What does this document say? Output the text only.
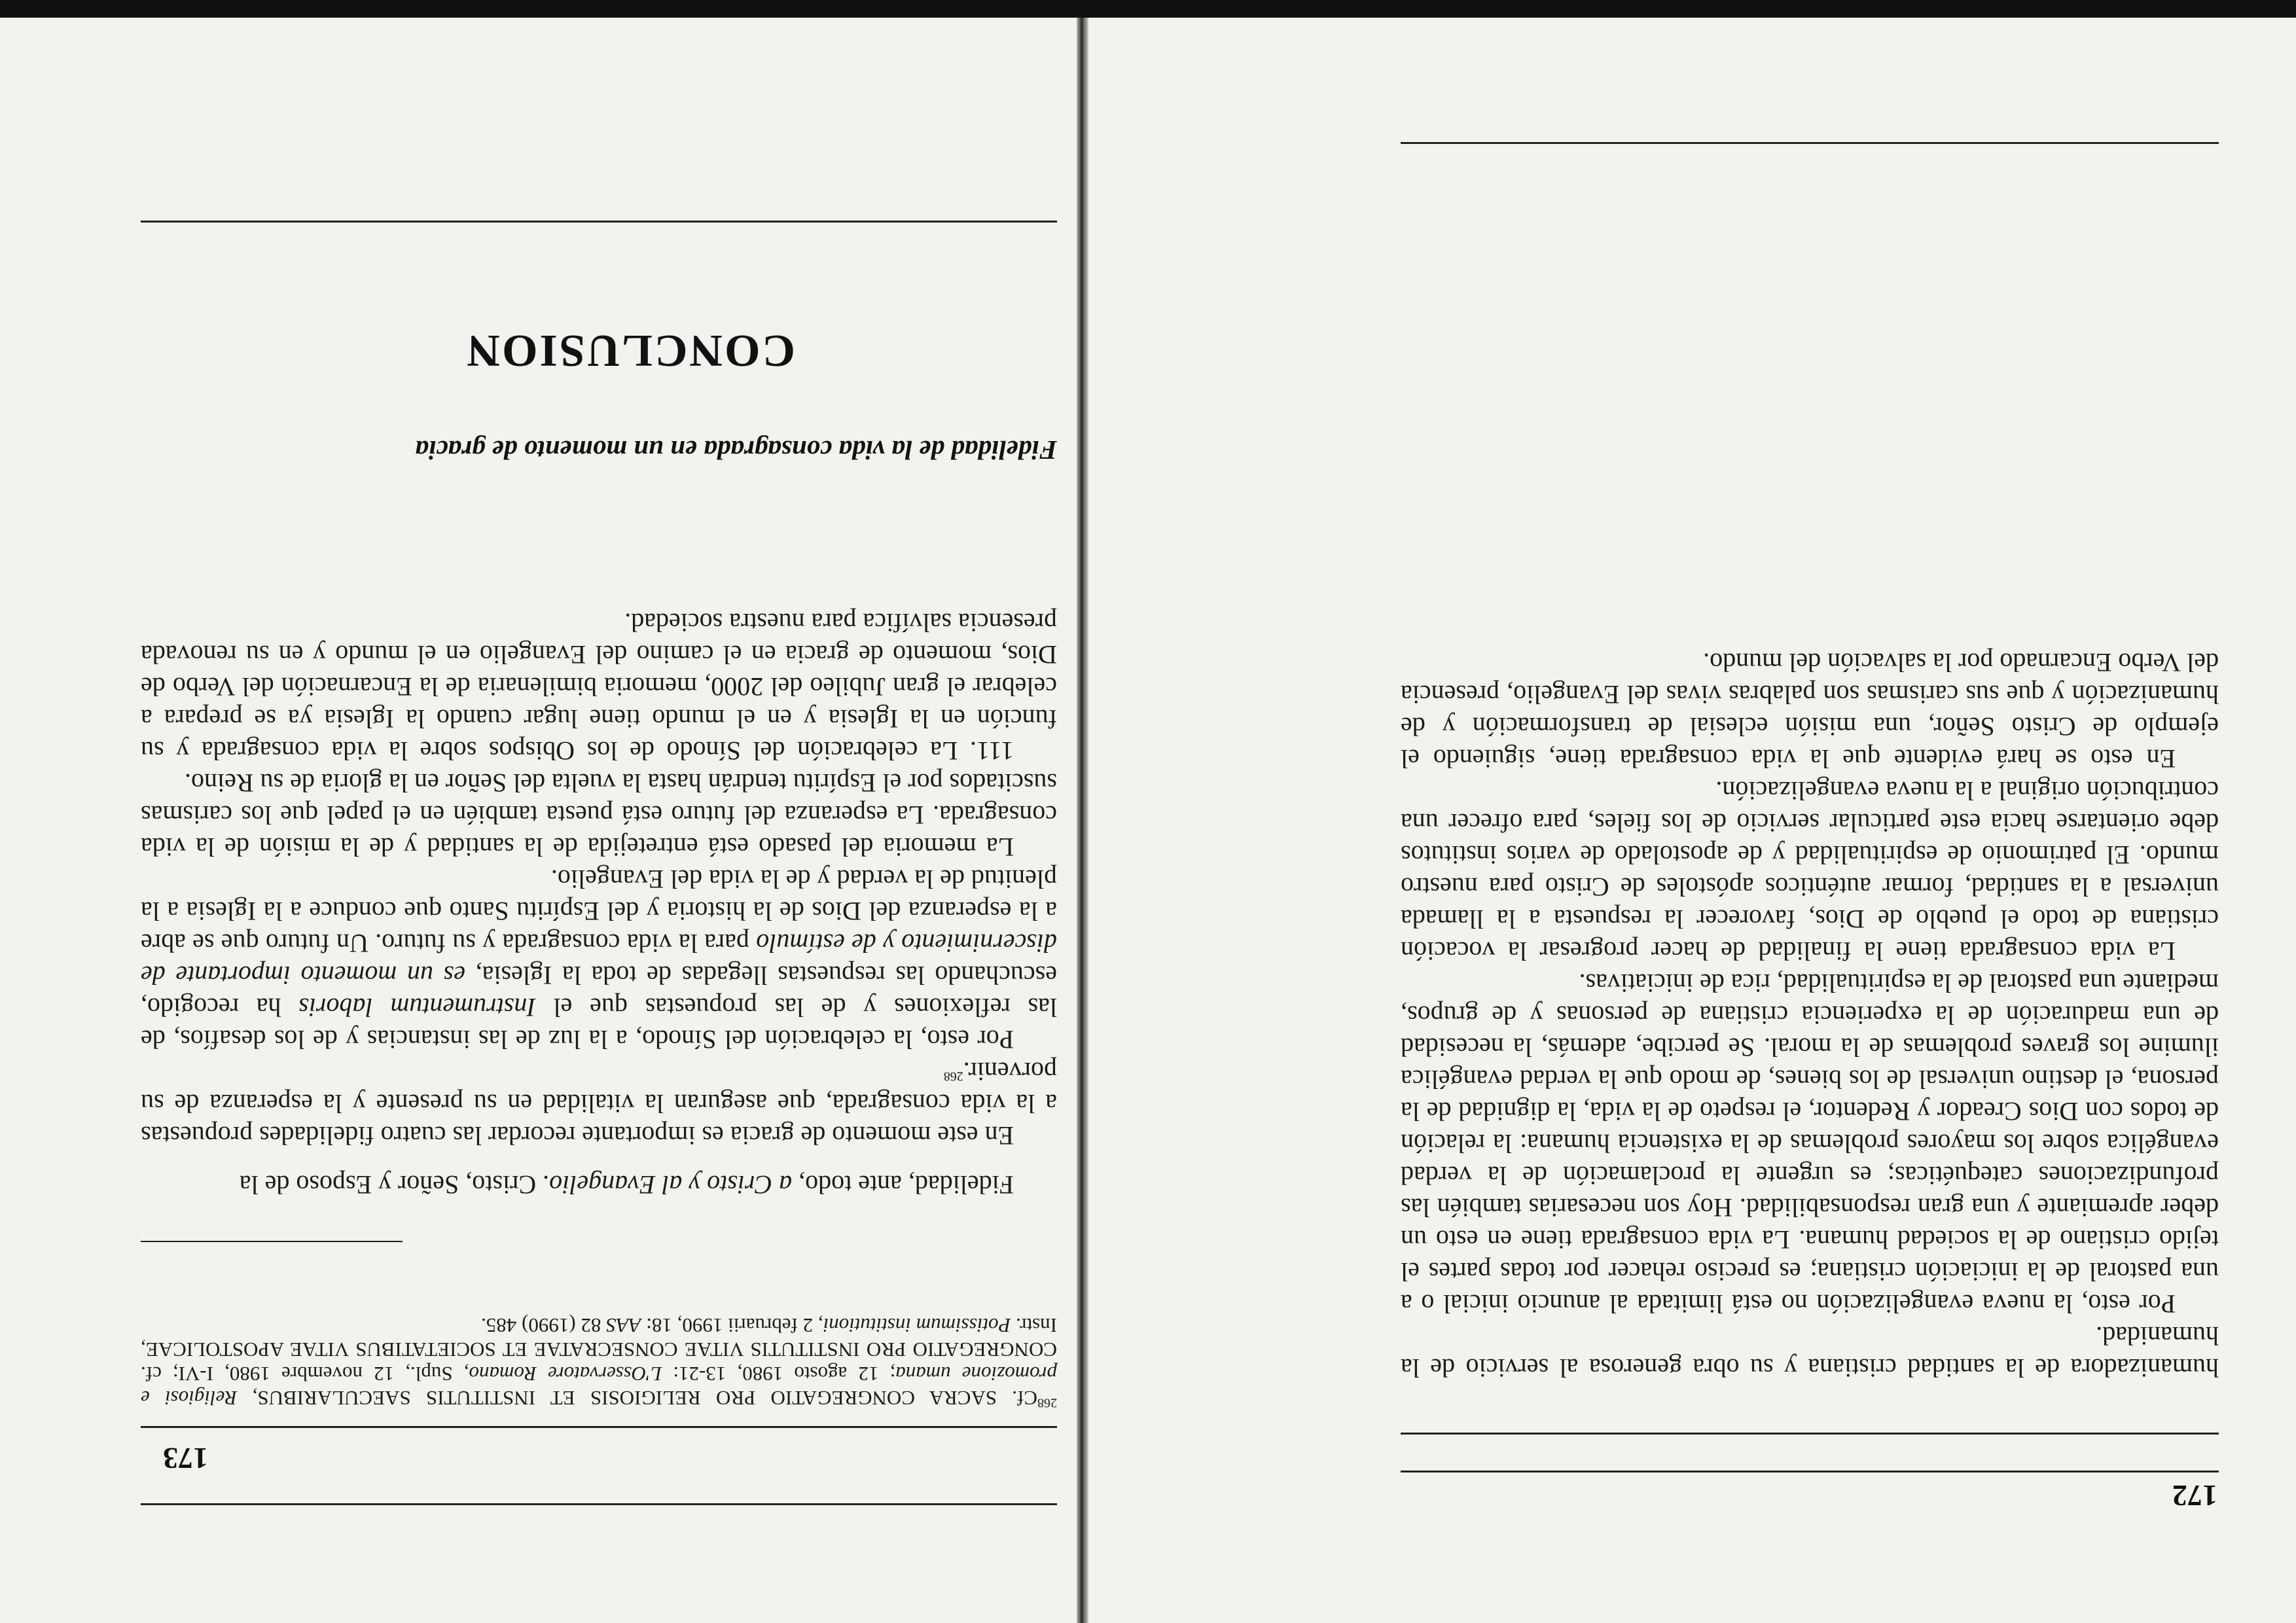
172

humanizadora de la santidad cristiana y su obra generosa al servicio de la humanidad.

Por esto, la nueva evangelización no está limitada al anuncio inicial o a una pastoral de la iniciación cristiana; es preciso rehacer por todas partes el tejido cristiano de la sociedad humana. La vida consagrada tiene en esto un deber apremiante y una gran responsabilidad. Hoy son necesarias también las profundizaciones catequéticas; es urgente la proclamación de la verdad evangélica sobre los mayores problemas de la existencia humana: la relación de todos con Dios Creador y Redentor, el respeto de la vida, la dignidad de la persona, el destino universal de los bienes, de modo que la verdad evangélica ilumine los graves problemas de la moral. Se percibe, además, la necesidad de una maduración de la experiencia cristiana de personas y de grupos, mediante una pastoral de la espiritualidad, rica de iniciativas.

La vida consagrada tiene la finalidad de hacer progresar la vocación cristiana de todo el pueblo de Dios, favorecer la respuesta a la llamada universal a la santidad, formar auténticos apóstoles de Cristo para nuestro mundo. El patrimonio de espiritualidad y de apostolado de varios institutos debe orientarse hacia este particular servicio de los fieles, para ofrecer una contribución original a la nueva evangelización.

En esto se hará evidente que la vida consagrada tiene, siguiendo el ejemplo de Cristo Señor, una misión eclesial de transformación y de humanización y que sus carismas son palabras vivas del Evangelio, presencia del Verbo Encarnado por la salvación del mundo.

173

$^{268}$Cf. SACRA CONGREGATIO PRO RELIGIOSIS ET INSTITUTIS SAECULARIBUS, Religiosi e promozione umana; 12 agosto 1980, 13-21: L'Osservatore Romano, Supl., 12 novembre 1980, I-VI; cf. CONGREGATIO PRO INSTITUTIS VITAE CONSECRATAE ET SOCIETATIBUS VITAE APOSTOLICAE, Instr. Potissimum institutioni, 2 februarii 1990, 18: AAS 82 (1990) 485.

Fidelidad, ante todo, a Cristo y al Evangelio. Cristo, Señor y Esposo de la

En este momento de gracia es importante recordar las cuatro fidelidades propuestas a la vida consagrada, que aseguran la vitalidad en su presente y la esperanza de su porvenir.$^{268}$

Por esto, la celebración del Sínodo, a la luz de las instancias y de los desafíos, de las reflexiones y de las propuestas que el Instrumentum laboris ha recogido, escuchando las respuestas llegadas de toda la Iglesia, es un momento importante de discernimiento y de estímulo para la vida consagrada y su futuro. Un futuro que se abre a la esperanza del Dios de la historia y del Espíritu Santo que conduce a la Iglesia a la plenitud de la verdad y de la vida del Evangelio.

La memoria del pasado está entretejida de la santidad y de la misión de la vida consagrada. La esperanza del futuro está puesta también en el papel que los carismas suscitados por el Espíritu tendrán hasta la vuelta del Señor en la gloria de su Reino.

111. La celebración del Sínodo de los Obispos sobre la vida consagrada y su función en la Iglesia y en el mundo tiene lugar cuando la Iglesia ya se prepara a celebrar el gran Jubileo del 2000, memoria bimilenaria de la Encarnación del Verbo de Dios, momento de gracia en el camino del Evangelio en el mundo y en su renovada presencia salvífica para nuestra sociedad.

Fidelidad de la vida consagrada en un momento de gracia
CONCLUSION
